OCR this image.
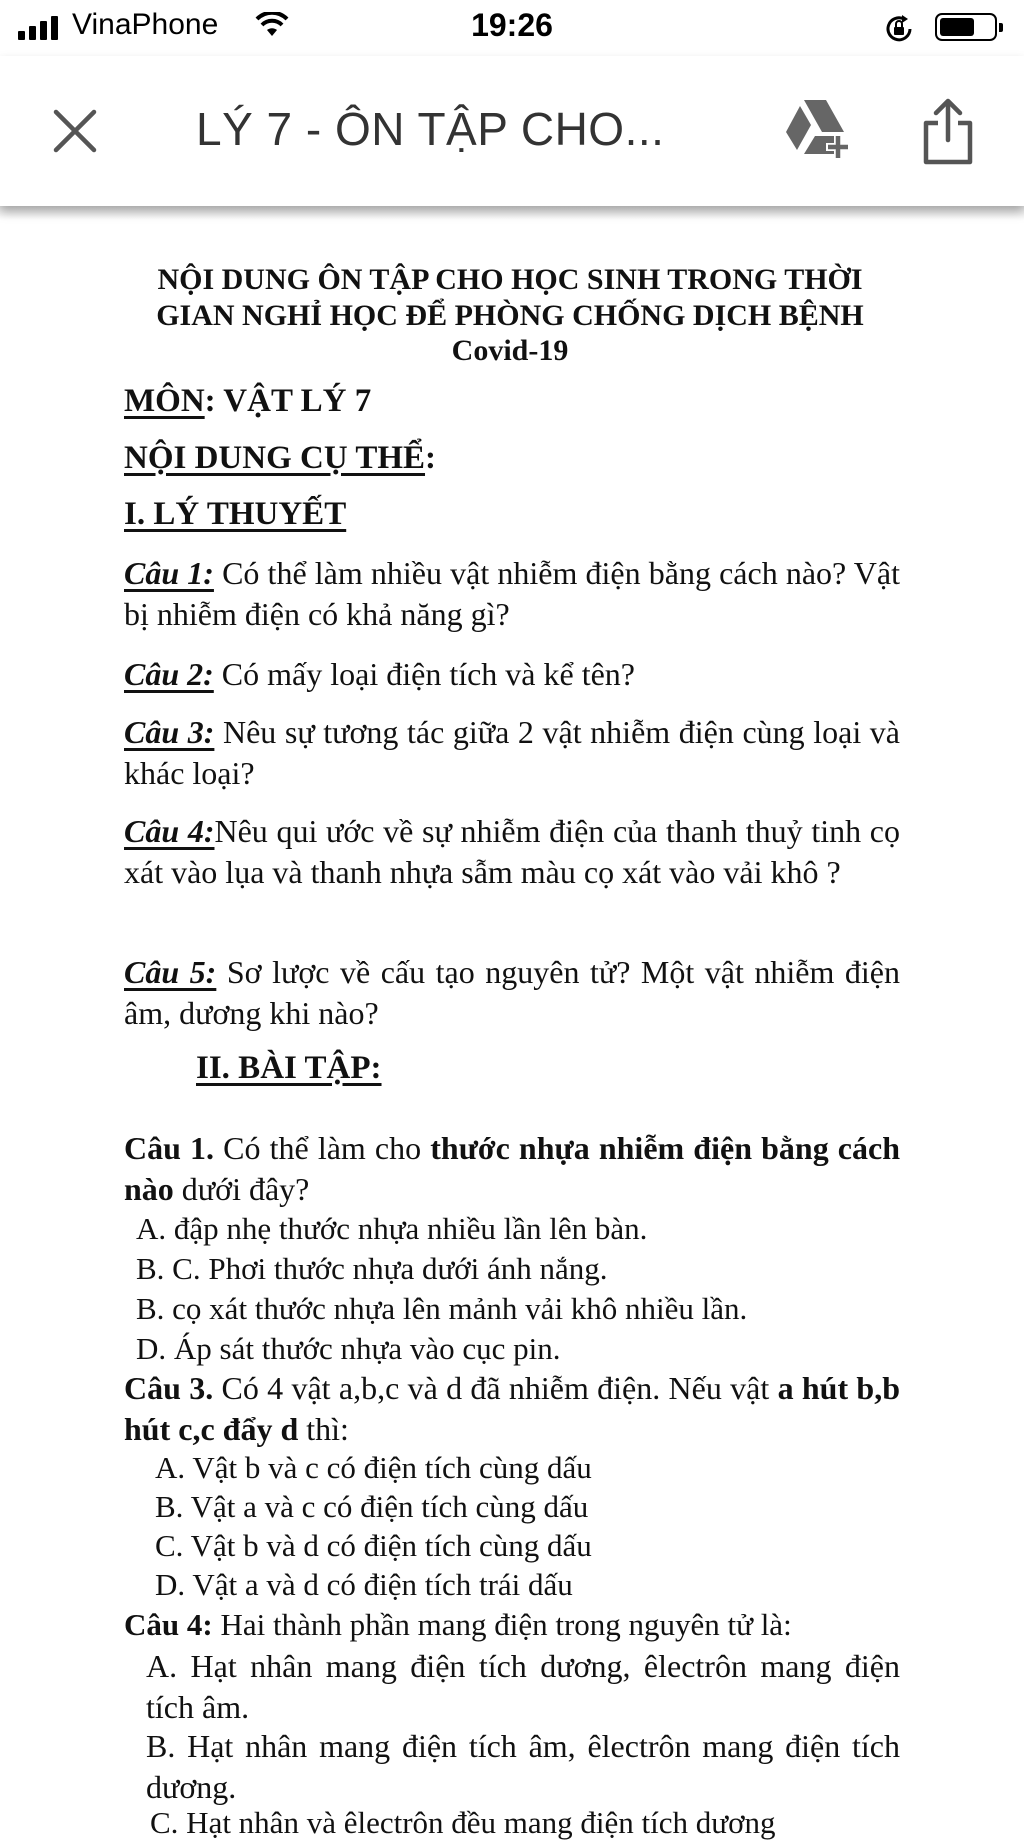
VinaPhone	19:26
LÝ 7 - ÔN TẬP CHO...
NỘI DUNG ÔN TẬP CHO HỌC SINH TRONG THỜI
GIAN NGHỈ HỌC ĐỂ PHÒNG CHỐNG DỊCH BỆNH
Covid-19
MÔN: VẬT LÝ 7
NỘI DUNG CỤ THỂ:
I. LÝ THUYẾT
Câu 1: Có thể làm nhiều vật nhiễm điện bằng cách nào? Vật bị nhiễm điện có khả năng gì?
Câu 2: Có mấy loại điện tích và kể tên?
Câu 3: Nêu sự tương tác giữa 2 vật nhiễm điện cùng loại và khác loại?
Câu 4:Nêu qui ước về sự nhiễm điện của thanh thuỷ tinh cọ xát vào lụa và thanh nhựa sẫm màu cọ xát vào vải khô ?
Câu 5: Sơ lược về cấu tạo nguyên tử? Một vật nhiễm điện âm, dương khi nào?
II. BÀI TẬP:
Câu 1. Có thể làm cho thước nhựa nhiễm điện bằng cách nào dưới đây?
A. đập nhẹ thước nhựa nhiều lần lên bàn.
B. C. Phơi thước nhựa dưới ánh nắng.
B. cọ xát thước nhựa lên mảnh vải khô nhiều lần.
D. Áp sát thước nhựa vào cục pin.
Câu 3. Có 4 vật a,b,c và d đã nhiễm điện. Nếu vật a hút b,b hút c,c đẩy d thì:
A. Vật b và c có điện tích cùng dấu
B. Vật a và c có điện tích cùng dấu
C. Vật b và d có điện tích cùng dấu
D. Vật a và d có điện tích trái dấu
Câu 4: Hai thành phần mang điện trong nguyên tử là:
A. Hạt nhân mang điện tích dương, êlectrôn mang điện tích âm.
B. Hạt nhân mang điện tích âm, êlectrôn mang điện tích dương.
C. Hạt nhân và êlectrôn đều mang điện tích dương
